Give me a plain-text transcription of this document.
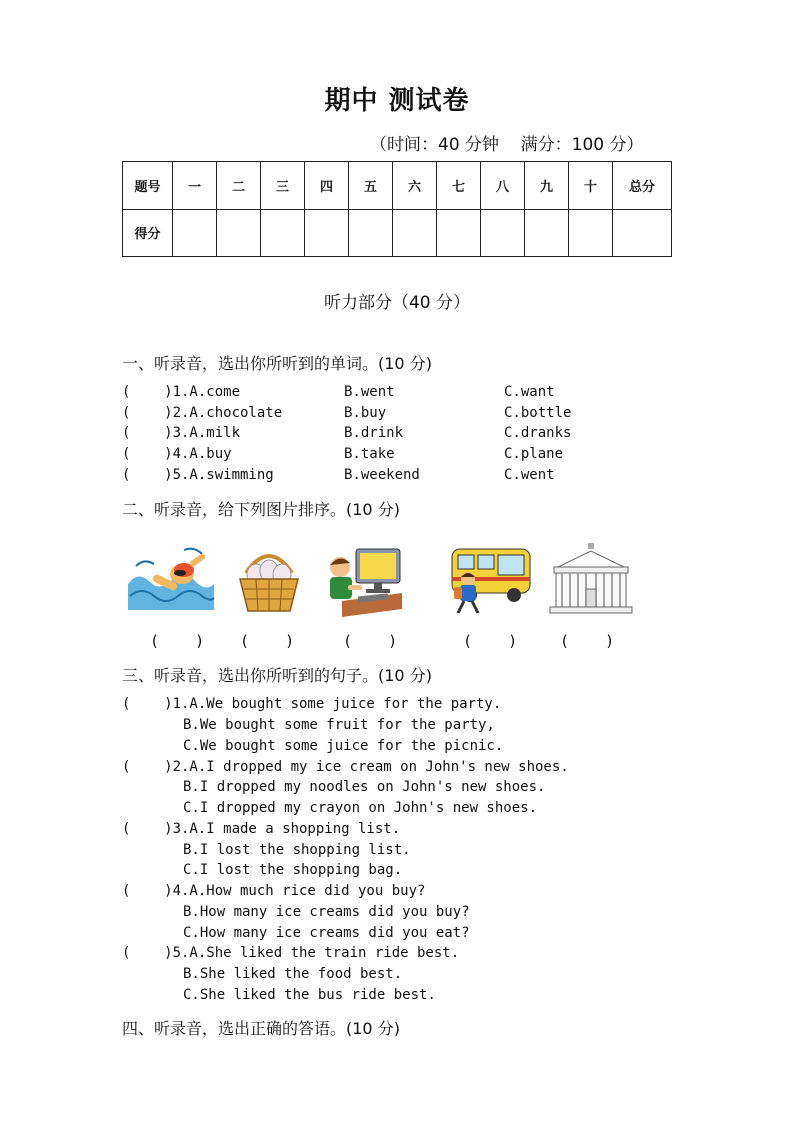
期中 测试卷
（时间：40 分钟    满分：100 分）
题号	一	二	三	四	五	六	七	八	九	十	总分
得分											
听力部分（40 分）
一、听录音，选出你所听到的单词。(10 分)
(    )1.A.come	B.went	C.want
(    )2.A.chocolate	B.buy	C.bottle
(    )3.A.milk	B.drink	C.dranks
(    )4.A.buy	B.take	C.plane
(    )5.A.swimming	B.weekend	C.went
二、听录音，给下列图片排序。(10 分)
(    ) (    )	(    )	(    )	(    )
三、听录音，选出你所听到的句子。(10 分)
(    )1.A.We bought some juice for the party.
B.We bought some fruit for the party,
C.We bought some juice for the picnic.
(    )2.A.I dropped my ice cream on John's new shoes.
B.I dropped my noodles on John's new shoes.
C.I dropped my crayon on John's new shoes.
(    )3.A.I made a shopping list.
B.I lost the shopping list.
C.I lost the shopping bag.
(    )4.A.How much rice did you buy?
B.How many ice creams did you buy?
C.How many ice creams did you eat?
(    )5.A.She liked the train ride best.
B.She liked the food best.
C.She liked the bus ride best.
四、听录音，选出正确的答语。(10 分)
